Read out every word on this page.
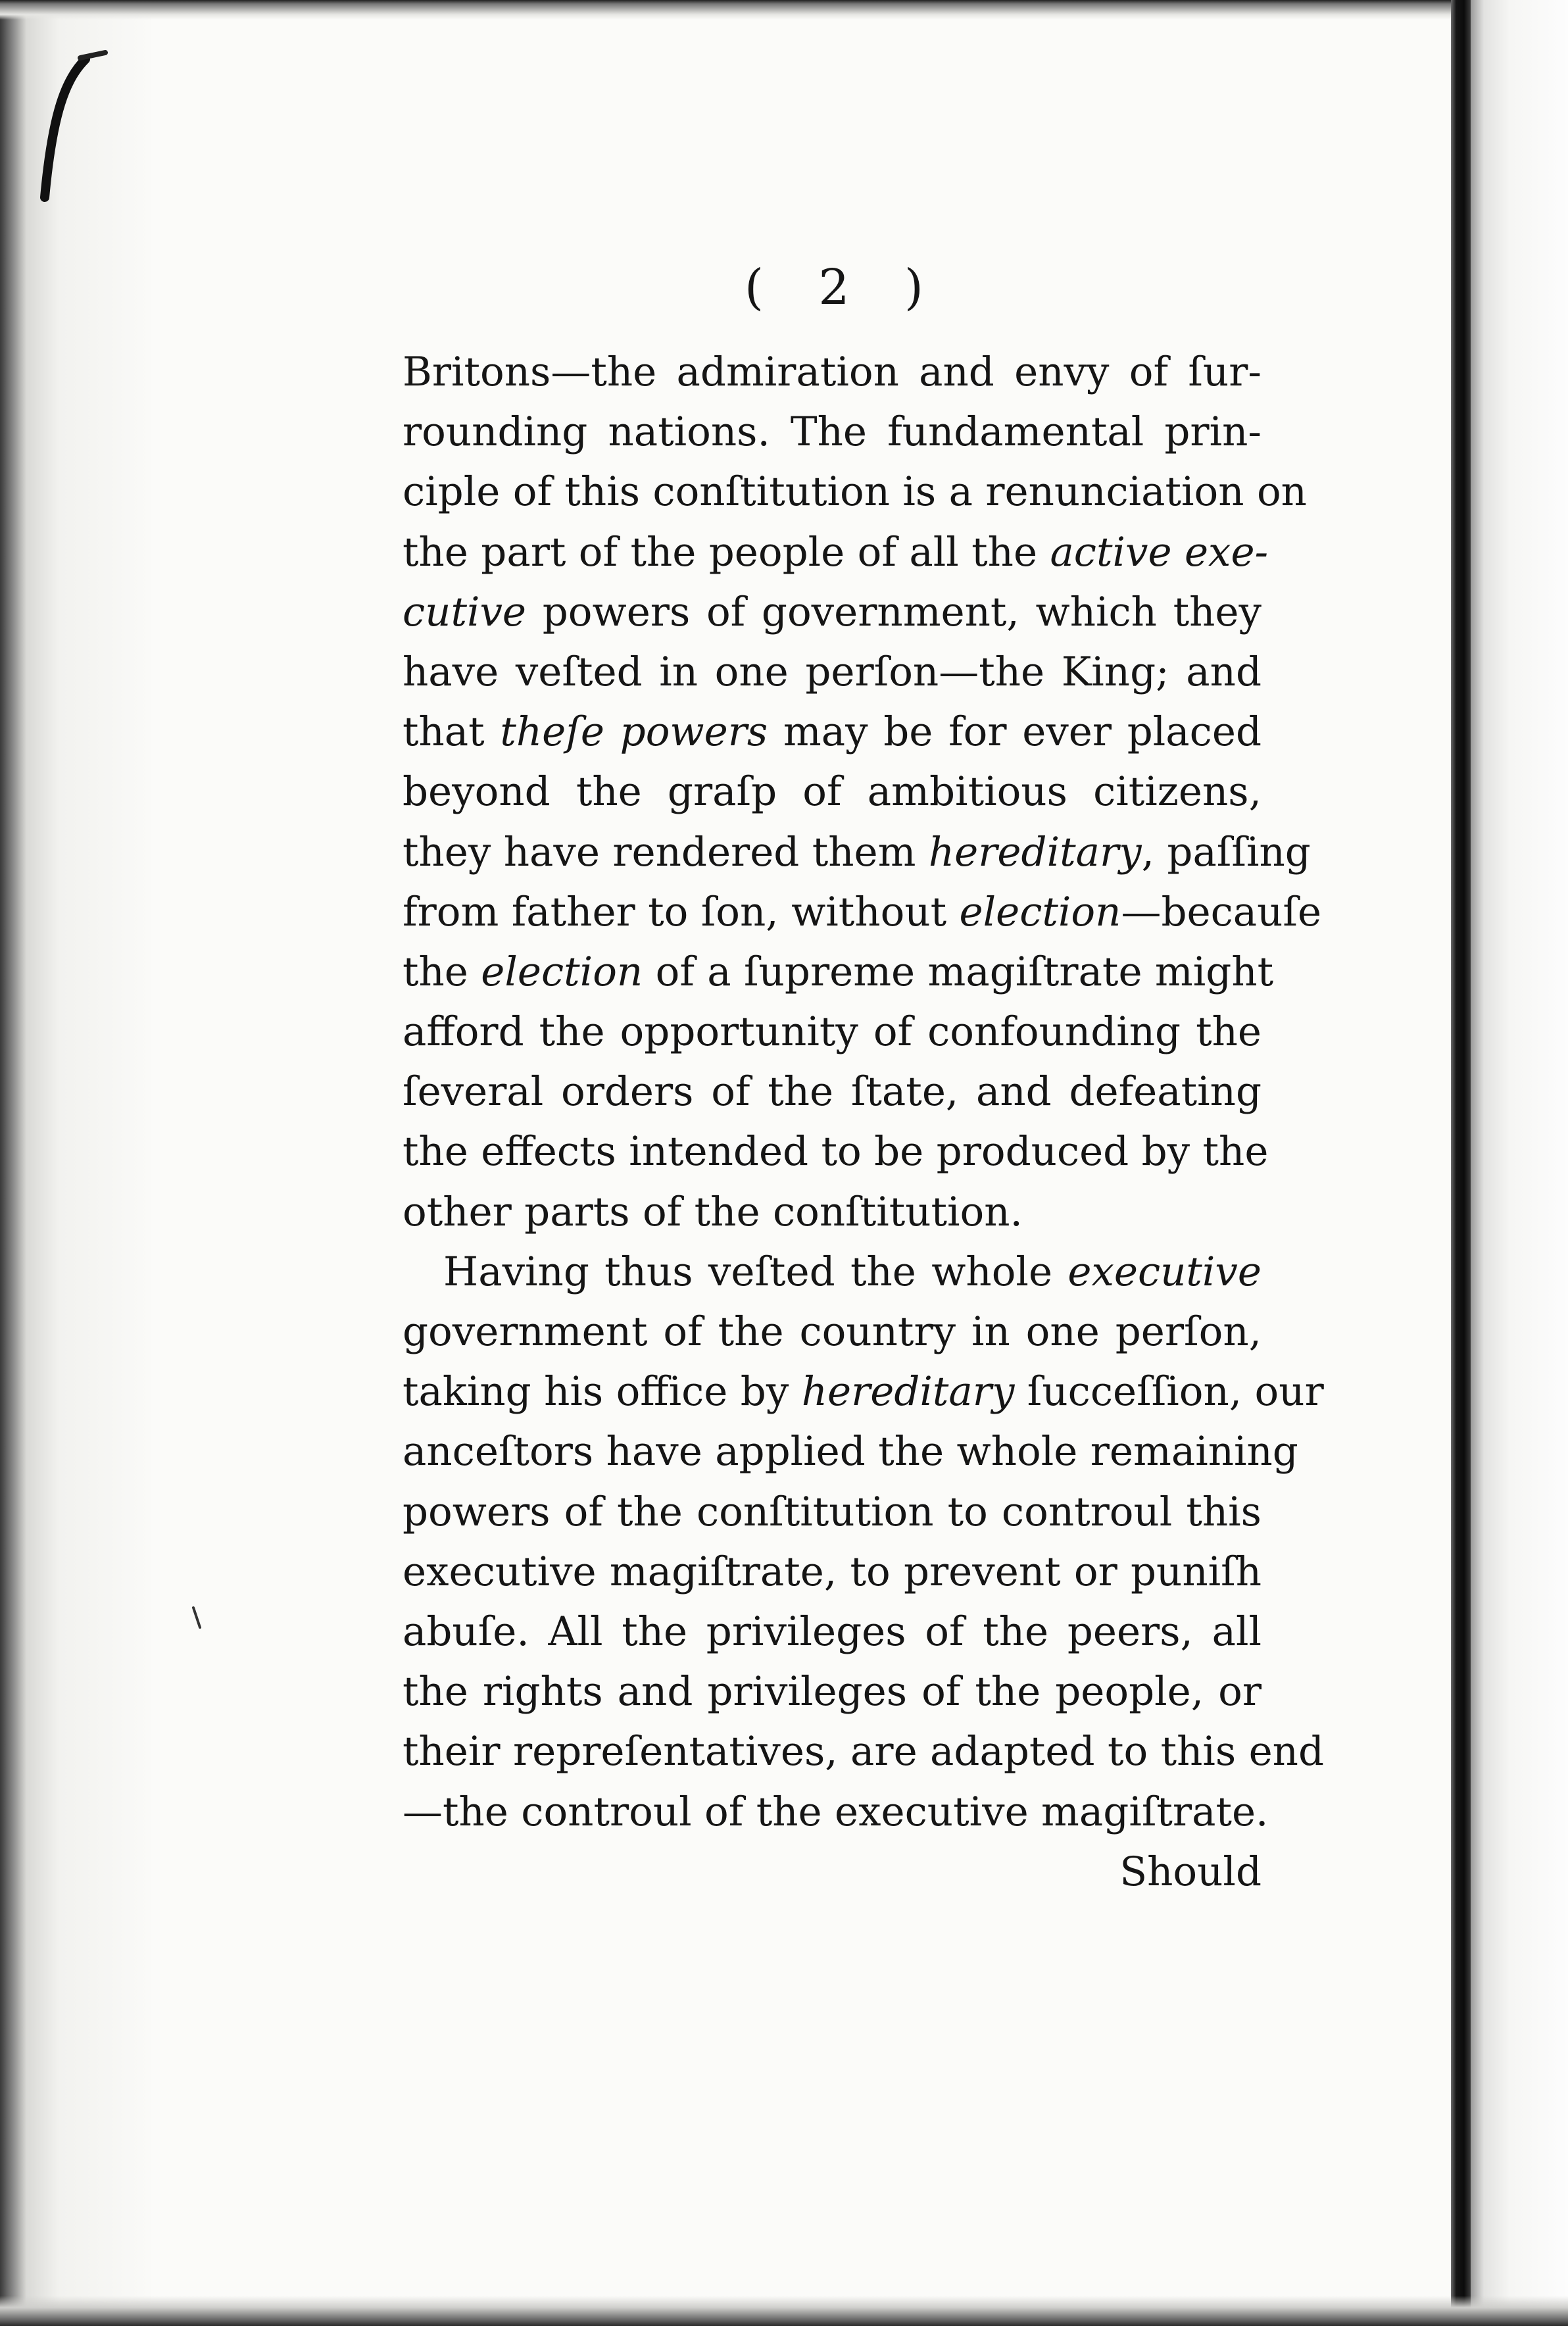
( 2 )
Britons—the admiration and envy of ſur-
rounding nations. The fundamental prin-
ciple of this conſtitution is a renunciation on
the part of the people of all the active exe-
cutive powers of government, which they
have veſted in one perſon—the King; and
that theſe powers may be for ever placed
beyond the graſp of ambitious citizens,
they have rendered them hereditary, paſſing
from father to ſon, without election—becauſe
the election of a ſupreme magiſtrate might
afford the opportunity of confounding the
ſeveral orders of the ſtate, and defeating
the effects intended to be produced by the
other parts of the conſtitution.
Having thus veſted the whole executive
government of the country in one perſon,
taking his office by hereditary ſucceſſion, our
anceſtors have applied the whole remaining
powers of the conſtitution to controul this
executive magiſtrate, to prevent or puniſh
abuſe. All the privileges of the peers, all
the rights and privileges of the people, or
their repreſentatives, are adapted to this end
—the controul of the executive magiſtrate.
Should
